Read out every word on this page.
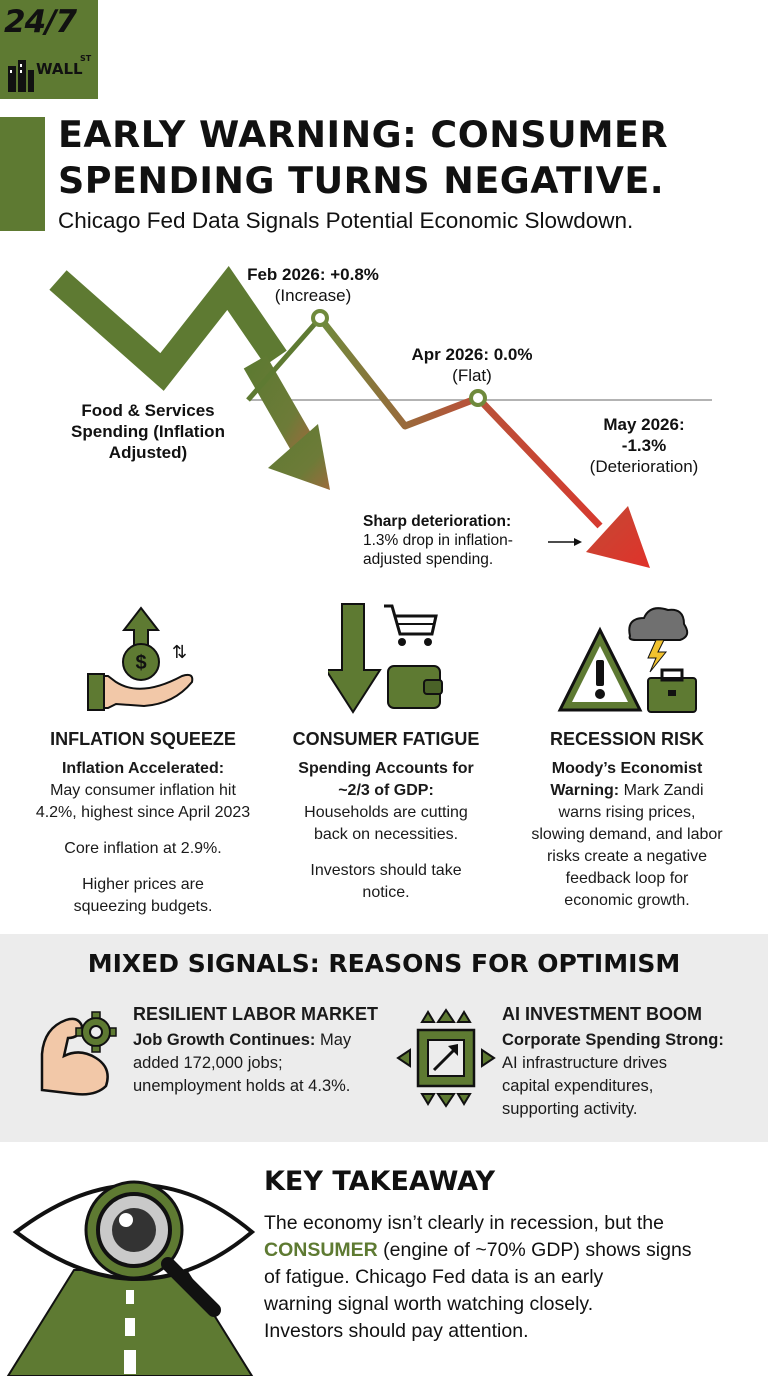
24/7
WALL
ST
EARLY WARNING: CONSUMER
SPENDING TURNS NEGATIVE.
Chicago Fed Data Signals Potential Economic Slowdown.
Food & Services
Spending (Inflation
Adjusted)
Feb 2026: +0.8%
(Increase)
Apr 2026: 0.0%
(Flat)
May 2026:
-1.3%
(Deterioration)
Sharp deterioration:
1.3% drop in inflation-
adjusted spending.
$ ⇅
INFLATION SQUEEZE
Inflation Accelerated:
May consumer inflation hit
4.2%, highest since April 2023
Core inflation at 2.9%.
Higher prices are
squeezing budgets.
CONSUMER FATIGUE
Spending Accounts for
~2/3 of GDP:
Households are cutting
back on necessities.
Investors should take
notice.
RECESSION RISK
Moody’s Economist
Warning: Mark Zandi
warns rising prices,
slowing demand, and labor
risks create a negative
feedback loop for
economic growth.
MIXED SIGNALS: REASONS FOR OPTIMISM
RESILIENT LABOR MARKET
Job Growth Continues: May
added 172,000 jobs;
unemployment holds at 4.3%.
AI INVESTMENT BOOM
Corporate Spending Strong:
AI infrastructure drives
capital expenditures,
supporting activity.
KEY TAKEAWAY
The economy isn’t clearly in recession, but the
CONSUMER (engine of ~70% GDP) shows signs
of fatigue. Chicago Fed data is an early
warning signal worth watching closely.
Investors should pay attention.
